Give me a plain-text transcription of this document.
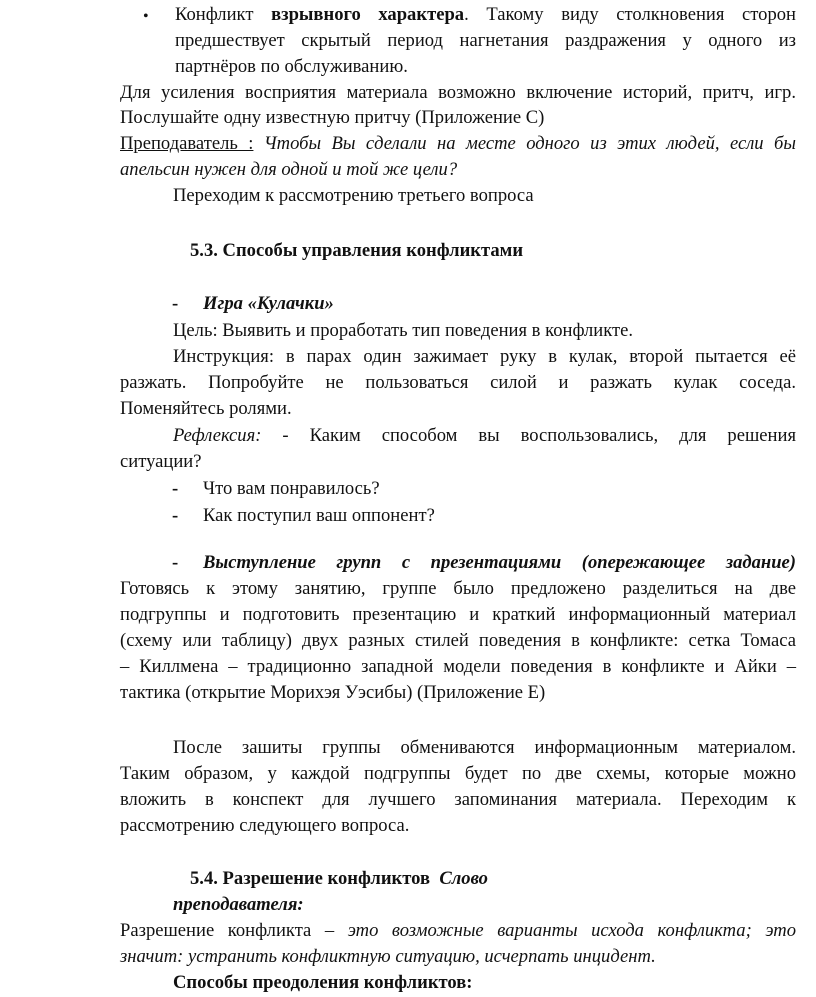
• Конфликт взрывного характера. Такому виду столкновения сторон
предшествует скрытый период нагнетания раздражения у одного из
партнёров по обслуживанию.
Для усиления восприятия материала возможно включение историй, притч, игр.
Послушайте одну известную притчу (Приложение С)
Преподаватель : Чтобы Вы сделали на месте одного из этих людей, если бы
апельсин нужен для одной и той же цели?
Переходим к рассмотрению третьего вопроса
5.3. Способы управления конфликтами
- Игра «Кулачки»
Цель: Выявить и проработать тип поведения в конфликте.
Инструкция: в парах один зажимает руку в кулак, второй пытается её
разжать. Попробуйте не пользоваться силой и разжать кулак соседа.
Поменяйтесь ролями.
Рефлексия: - Каким способом вы воспользовались, для решения
ситуации?
- Что вам понравилось?
- Как поступил ваш оппонент?
- Выступление групп с презентациями (опережающее задание)
Готовясь к этому занятию, группе было предложено разделиться на две
подгруппы и подготовить презентацию и краткий информационный материал
(схему или таблицу) двух разных стилей поведения в конфликте: сетка Томаса
– Киллмена – традиционно западной модели поведения в конфликте и Айки –
тактика (открытие Морихэя Уэсибы) (Приложение Е)
После зашиты группы обмениваются информационным материалом.
Таким образом, у каждой подгруппы будет по две схемы, которые можно
вложить в конспект для лучшего запоминания материала. Переходим к
рассмотрению следующего вопроса.
5.4. Разрешение конфликтов Слово
преподавателя:
Разрешение конфликта – это возможные варианты исхода конфликта; это
значит: устранить конфликтную ситуацию, исчерпать инцидент.
Способы преодоления конфликтов:
